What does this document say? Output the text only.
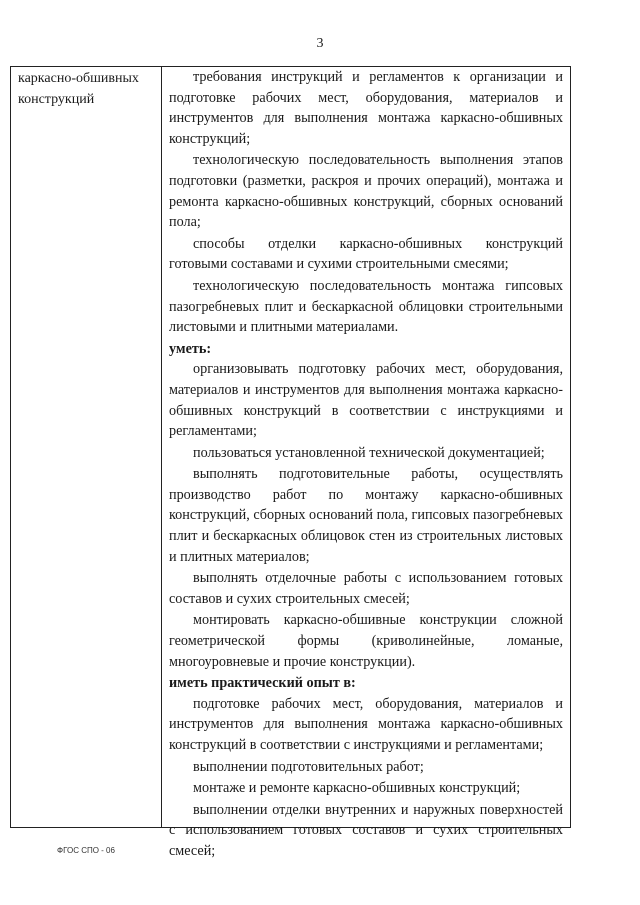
3
каркасно-обшивных конструкций

требования инструкций и регламентов к организации и подготовке рабочих мест, оборудования, материалов и инструментов для выполнения монтажа каркасно-обшивных конструкций;

технологическую последовательность выполнения этапов подготовки (разметки, раскроя и прочих операций), монтажа и ремонта каркасно-обшивных конструкций, сборных оснований пола;

способы отделки каркасно-обшивных конструкций готовыми составами и сухими строительными смесями;

технологическую последовательность монтажа гипсовых пазогребневых плит и бескаркасной облицовки строительными листовыми и плитными материалами.

уметь:

организовывать подготовку рабочих мест, оборудования, материалов и инструментов для выполнения монтажа каркасно-обшивных конструкций в соответствии с инструкциями и регламентами;

пользоваться установленной технической документацией;

выполнять подготовительные работы, осуществлять производство работ по монтажу каркасно-обшивных конструкций, сборных оснований пола, гипсовых пазогребневых плит и бескаркасных облицовок стен из строительных листовых и плитных материалов;

выполнять отделочные работы с использованием готовых составов и сухих строительных смесей;

монтировать каркасно-обшивные конструкции сложной геометрической формы (криволинейные, ломаные, многоуровневые и прочие конструкции).

иметь практический опыт в:

подготовке рабочих мест, оборудования, материалов и инструментов для выполнения монтажа каркасно-обшивных конструкций в соответствии с инструкциями и регламентами;

выполнении подготовительных работ;

монтаже и ремонте каркасно-обшивных конструкций;

выполнении отделки внутренних и наружных поверхностей с использованием готовых составов и сухих строительных смесей;

ФГОС СПО - 06
